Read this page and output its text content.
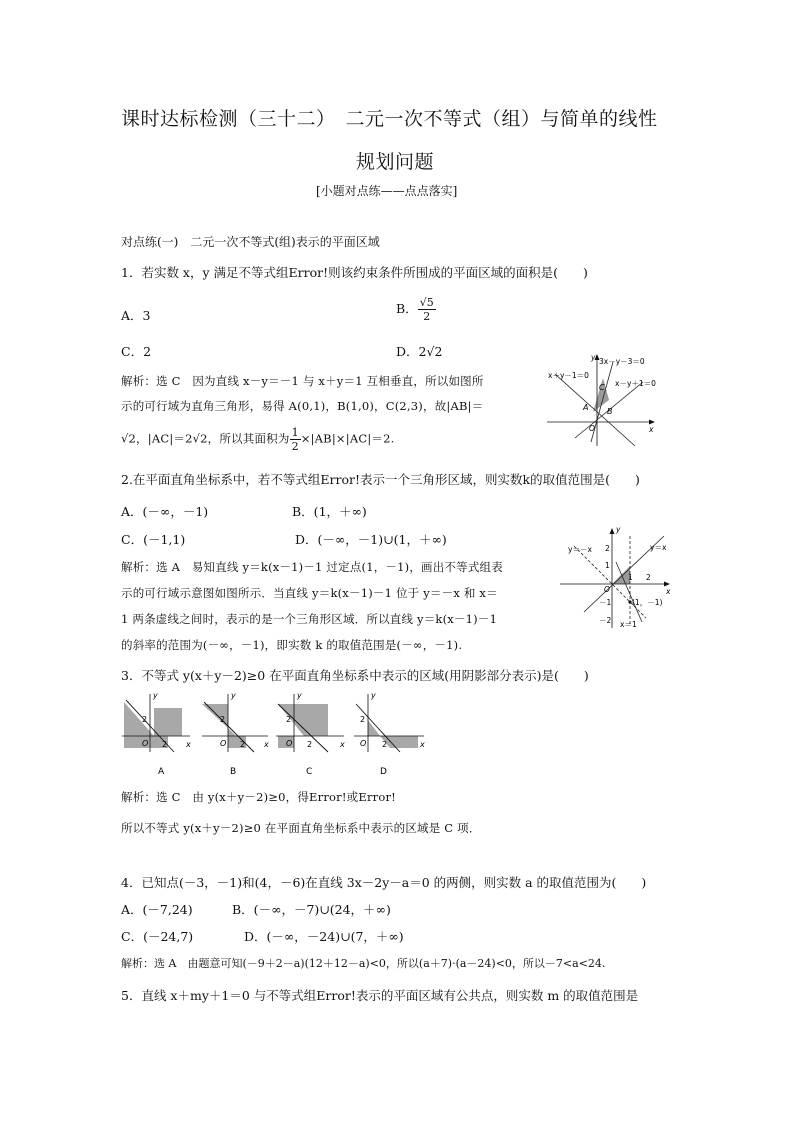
课时达标检测（三十二）　二元一次不等式（组）与简单的线性
规划问题
[小题对点练——点点落实]
对点练(一)　二元一次不等式(组)表示的平面区域
1．若实数 x，y 满足不等式组Error!则该约束条件所围成的平面区域的面积是(　　)
A．3	B． $\frac{√5}{2}$
C．2	D．2√2
解析：选 C　因为直线 x－y＝－1 与 x＋y＝1 互相垂直，所以如图所
示的可行域为直角三角形，易得 A(0,1)，B(1,0)，C(2,3)，故|AB|＝
√2，|AC|＝2√2，所以其面积为 $\frac{1}{2} \times|AB|\times|AC|=2$.
3x－y－3＝0
x＋y－1＝0
x－y＋1＝0
A B
C
O	x
y
2.在平面直角坐标系中，若不等式组Error!表示一个三角形区域，则实数k的取值范围是(　　)
A．(－∞，－1)	B．(1，＋∞)
C．(－1,1)	D．(－∞，－1)∪(1，＋∞)
解析：选 A　易知直线 y＝k(x－1)－1 过定点(1，－1)，画出不等式组表
示的可行域示意图如图所示．当直线 y＝k(x－1)－1 位于 y＝－x 和 x＝
1 两条虚线之间时，表示的是一个三角形区域．所以直线 y＝k(x－1)－1
的斜率的范围为(－∞，－1)，即实数 k 的取值范围是(－∞，－1).
y＝－x	y＝x
(1，－1)
x＝1
2
1
－1
－2
1 2
O	x
y
3．不等式 y(x＋y－2)≥0 在平面直角坐标系中表示的区域(用阴影部分表示)是(　　)
2
2
O	x
y
2
2
O	x
y
2
2
O	x
y
2
2
O	x
y
A	B	C	D
解析：选 C　由 y(x＋y－2)≥0，得Error!或Error!
所以不等式 y(x＋y－2)≥0 在平面直角坐标系中表示的区域是 C 项．
4．已知点(－3，－1)和(4，－6)在直线 3x－2y－a＝0 的两侧，则实数 a 的取值范围为(　　)
A．(－7,24)	B．(－∞，－7)∪(24，＋∞)
C．(－24,7)	D．(－∞，－24)∪(7，＋∞)
解析：选 A　由题意可知(－9＋2－a)(12＋12－a)<0，所以(a＋7)·(a－24)<0，所以－7<a<24.
5．直线 x＋my＋1＝0 与不等式组Error!表示的平面区域有公共点，则实数 m 的取值范围是
